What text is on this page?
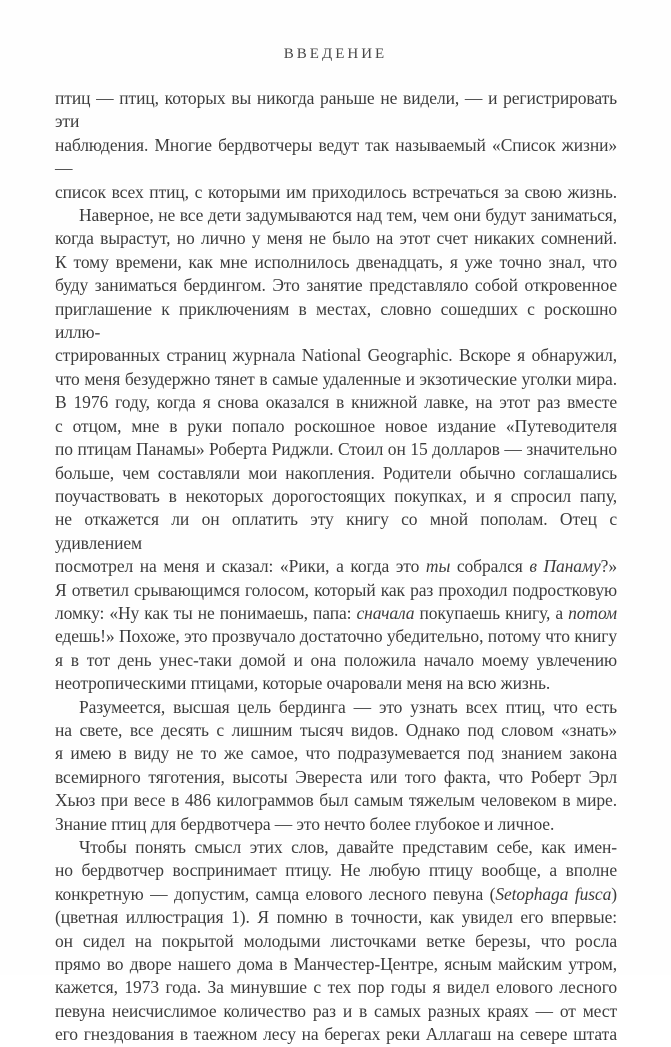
ВВЕДЕНИЕ
птиц — птиц, которых вы никогда раньше не видели, — и регистрировать эти
наблюдения. Многие бердвотчеры ведут так называемый «Список жизни» —
список всех птиц, с которыми им приходилось встречаться за свою жизнь.
Наверное, не все дети задумываются над тем, чем они будут заниматься,
когда вырастут, но лично у меня не было на этот счет никаких сомнений.
К тому времени, как мне исполнилось двенадцать, я уже точно знал, что
буду заниматься бердингом. Это занятие представляло собой откровенное
приглашение к приключениям в местах, словно сошедших с роскошно иллю-
стрированных страниц журнала National Geographic. Вскоре я обнаружил,
что меня безудержно тянет в самые удаленные и экзотические уголки мира.
В 1976 году, когда я снова оказался в книжной лавке, на этот раз вместе
с отцом, мне в руки попало роскошное новое издание «Путеводителя
по птицам Панамы» Роберта Риджли. Стоил он 15 долларов — значительно
больше, чем составляли мои накопления. Родители обычно соглашались
поучаствовать в некоторых дорогостоящих покупках, и я спросил папу,
не откажется ли он оплатить эту книгу со мной пополам. Отец с удивлением
посмотрел на меня и сказал: «Рики, а когда это ты собрался в Панаму?»
Я ответил срывающимся голосом, который как раз проходил подростковую
ломку: «Ну как ты не понимаешь, папа: сначала покупаешь книгу, а потом
едешь!» Похоже, это прозвучало достаточно убедительно, потому что книгу
я в тот день унес-таки домой и она положила начало моему увлечению
неотропическими птицами, которые очаровали меня на всю жизнь.
Разумеется, высшая цель бердинга — это узнать всех птиц, что есть
на свете, все десять с лишним тысяч видов. Однако под словом «знать»
я имею в виду не то же самое, что подразумевается под знанием закона
всемирного тяготения, высоты Эвереста или того факта, что Роберт Эрл
Хьюз при весе в 486 килограммов был самым тяжелым человеком в мире.
Знание птиц для бердвотчера — это нечто более глубокое и личное.
Чтобы понять смысл этих слов, давайте представим себе, как имен-
но бердвотчер воспринимает птицу. Не любую птицу вообще, а вполне
конкретную — допустим, самца елового лесного певуна (Setophaga fusca)
(цветная иллюстрация 1). Я помню в точности, как увидел его впервые:
он сидел на покрытой молодыми листочками ветке березы, что росла
прямо во дворе нашего дома в Манчестер-Центре, ясным майским утром,
кажется, 1973 года. За минувшие с тех пор годы я видел елового лесного
певуна неисчислимое количество раз и в самых разных краях — от мест
его гнездования в таежном лесу на берегах реки Аллагаш на севере штата
